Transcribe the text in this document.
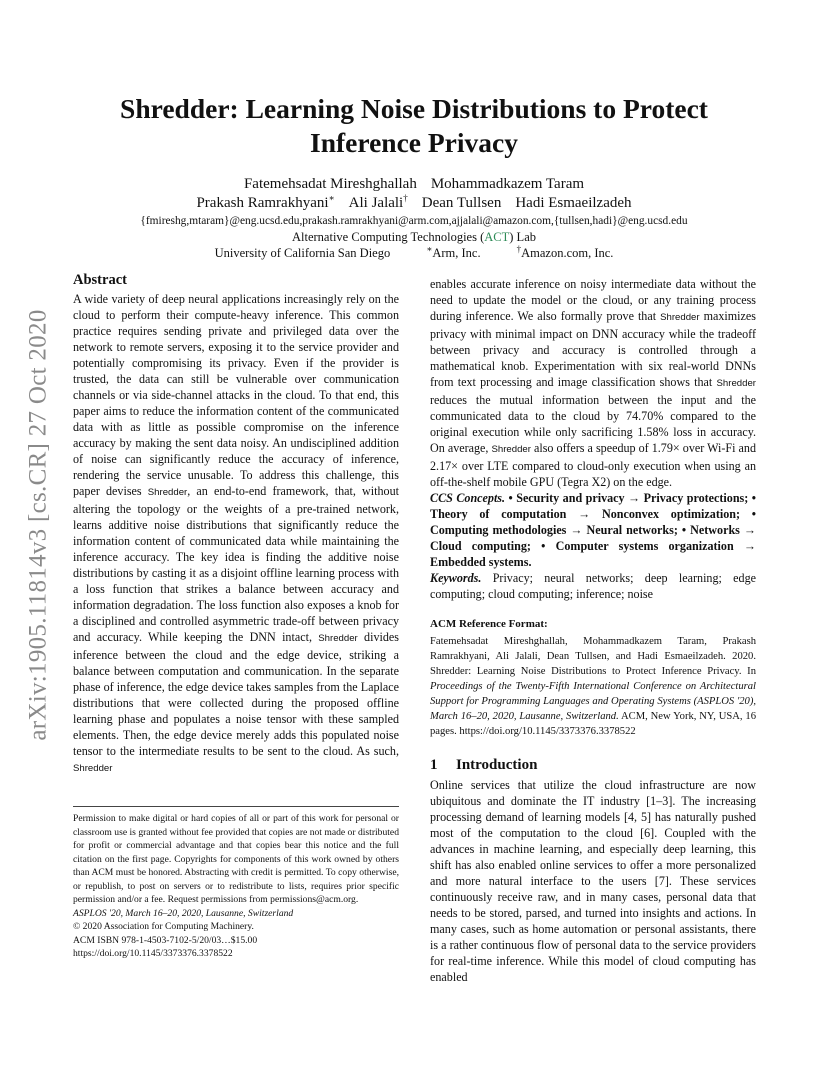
arXiv:1905.11814v3 [cs.CR] 27 Oct 2020
Shredder: Learning Noise Distributions to Protect
Inference Privacy
Fatemehsadat Mireshghallah Mohammadkazem Taram
Prakash Ramrakhyani∗ Ali Jalali† Dean Tullsen Hadi Esmaeilzadeh
{fmireshg,mtaram}@eng.ucsd.edu,prakash.ramrakhyani@arm.com,ajjalali@amazon.com,{tullsen,hadi}@eng.ucsd.edu
Alternative Computing Technologies (ACT) Lab
University of California San Diego	∗Arm, Inc.	†Amazon.com, Inc.
Abstract

A wide variety of deep neural applications increasingly rely on the cloud to perform their compute-heavy inference. This common practice requires sending private and privileged data over the network to remote servers, exposing it to the service provider and potentially compromising its privacy. Even if the provider is trusted, the data can still be vulnerable over communication channels or via side-channel attacks in the cloud. To that end, this paper aims to reduce the information content of the communicated data with as little as possible compromise on the inference accuracy by making the sent data noisy. An undisciplined addition of noise can significantly reduce the accuracy of inference, rendering the service unusable. To address this challenge, this paper devises Shredder, an end-to-end framework, that, without altering the topology or the weights of a pre-trained network, learns additive noise distributions that significantly reduce the information content of communicated data while maintaining the inference accuracy. The key idea is finding the additive noise distributions by casting it as a disjoint offline learning process with a loss function that strikes a balance between accuracy and information degradation. The loss function also exposes a knob for a disciplined and controlled asymmetric trade-off between privacy and accuracy. While keeping the DNN intact, Shredder divides inference between the cloud and the edge device, striking a balance between computation and communication. In the separate phase of inference, the edge device takes samples from the Laplace distributions that were collected during the proposed offline learning phase and populates a noise tensor with these sampled elements. Then, the edge device merely adds this populated noise tensor to the intermediate results to be sent to the cloud. As such, Shredder

Permission to make digital or hard copies of all or part of this work for personal or classroom use is granted without fee provided that copies are not made or distributed for profit or commercial advantage and that copies bear this notice and the full citation on the first page. Copyrights for components of this work owned by others than ACM must be honored. Abstracting with credit is permitted. To copy otherwise, or republish, to post on servers or to redistribute to lists, requires prior specific permission and/or a fee. Request permissions from permissions@acm.org.
ASPLOS '20, March 16–20, 2020, Lausanne, Switzerland
© 2020 Association for Computing Machinery.
ACM ISBN 978-1-4503-7102-5/20/03…$15.00
https://doi.org/10.1145/3373376.3378522

enables accurate inference on noisy intermediate data without the need to update the model or the cloud, or any training process during inference. We also formally prove that Shredder maximizes privacy with minimal impact on DNN accuracy while the tradeoff between privacy and accuracy is controlled through a mathematical knob. Experimentation with six real-world DNNs from text processing and image classification shows that Shredder reduces the mutual information between the input and the communicated data to the cloud by 74.70% compared to the original execution while only sacrificing 1.58% loss in accuracy. On average, Shredder also offers a speedup of 1.79× over Wi-Fi and 2.17× over LTE compared to cloud-only execution when using an off-the-shelf mobile GPU (Tegra X2) on the edge.

CCS Concepts. • Security and privacy → Privacy protections; • Theory of computation → Nonconvex optimization; • Computing methodologies → Neural networks; • Networks → Cloud computing; • Computer systems organization → Embedded systems.

Keywords. Privacy; neural networks; deep learning; edge computing; cloud computing; inference; noise

ACM Reference Format:

Fatemehsadat Mireshghallah, Mohammadkazem Taram, Prakash Ramrakhyani, Ali Jalali, Dean Tullsen, and Hadi Esmaeilzadeh. 2020. Shredder: Learning Noise Distributions to Protect Inference Privacy. In Proceedings of the Twenty-Fifth International Conference on Architectural Support for Programming Languages and Operating Systems (ASPLOS '20), March 16–20, 2020, Lausanne, Switzerland. ACM, New York, NY, USA, 16 pages. https://doi.org/10.1145/3373376.3378522

1 Introduction

Online services that utilize the cloud infrastructure are now ubiquitous and dominate the IT industry [1–3]. The increasing processing demand of learning models [4, 5] has naturally pushed most of the computation to the cloud [6]. Coupled with the advances in machine learning, and especially deep learning, this shift has also enabled online services to offer a more personalized and more natural interface to the users [7]. These services continuously receive raw, and in many cases, personal data that needs to be stored, parsed, and turned into insights and actions. In many cases, such as home automation or personal assistants, there is a rather continuous flow of personal data to the service providers for real-time inference. While this model of cloud computing has enabled
